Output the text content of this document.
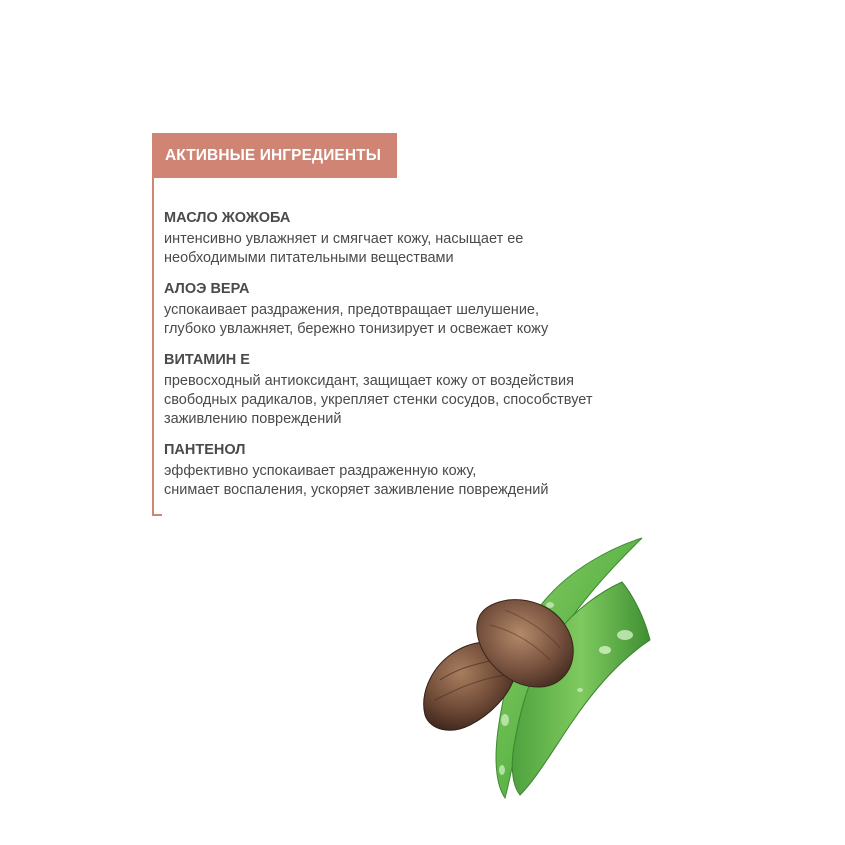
АКТИВНЫЕ ИНГРЕДИЕНТЫ
МАСЛО ЖОЖОБА
интенсивно увлажняет и смягчает кожу, насыщает ее
необходимыми питательными веществами
АЛОЭ ВЕРА
успокаивает раздражения, предотвращает шелушение,
глубоко увлажняет, бережно тонизирует и освежает кожу
ВИТАМИН Е
превосходный антиоксидант, защищает кожу от воздействия
свободных радикалов, укрепляет стенки сосудов, способствует
заживлению повреждений
ПАНТЕНОЛ
эффективно успокаивает раздраженную кожу,
снимает воспаления, ускоряет заживление повреждений
